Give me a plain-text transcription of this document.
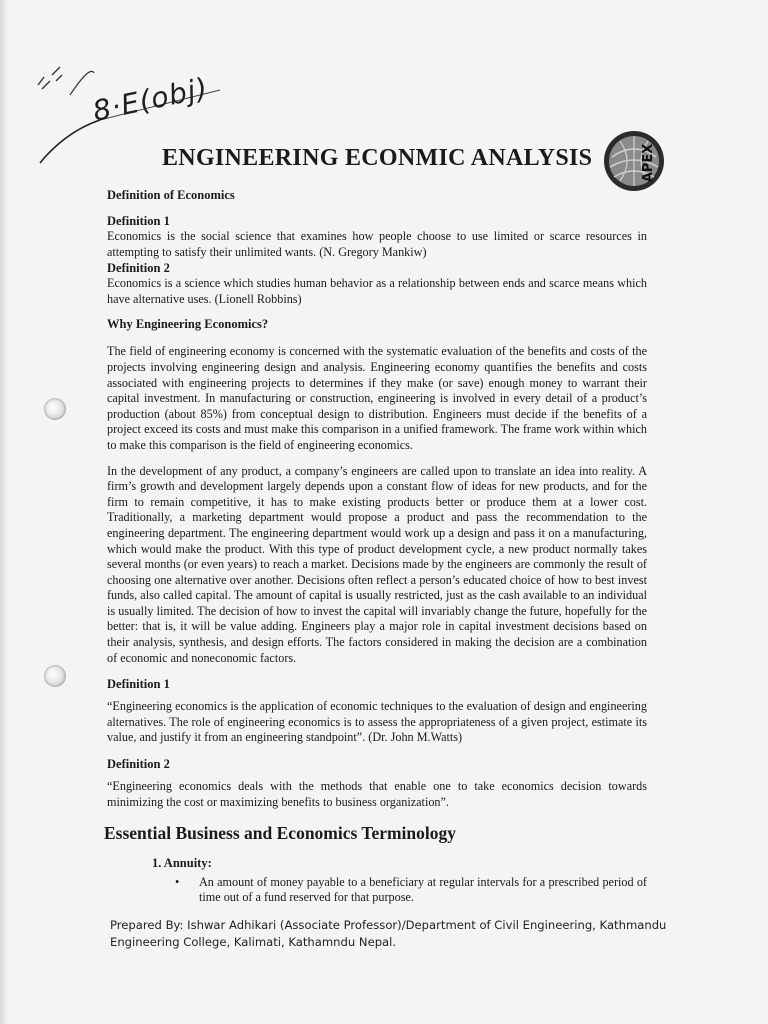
8·E(obj)
ENGINEERING ECONMIC ANALYSIS	APEX
Definition of Economics
Definition 1

Economics is the social science that examines how people choose to use limited or scarce resources in attempting to satisfy their unlimited wants. (N. Gregory Mankiw)

Definition 2

Economics is a science which studies human behavior as a relationship between ends and scarce means which have alternative uses. (Lionell Robbins)

Why Engineering Economics?

The field of engineering economy is concerned with the systematic evaluation of the benefits and costs of the projects involving engineering design and analysis. Engineering economy quantifies the benefits and costs associated with engineering projects to determines if they make (or save) enough money to warrant their capital investment. In manufacturing or construction, engineering is involved in every detail of a product’s production (about 85%) from conceptual design to distribution. Engineers must decide if the benefits of a project exceed its costs and must make this comparison in a unified framework. The frame work within which to make this comparison is the field of engineering economics.

In the development of any product, a company’s engineers are called upon to translate an idea into reality. A firm’s growth and development largely depends upon a constant flow of ideas for new products, and for the firm to remain competitive, it has to make existing products better or produce them at a lower cost. Traditionally, a marketing department would propose a product and pass the recommendation to the engineering department. The engineering department would work up a design and pass it on a manufacturing, which would make the product. With this type of product development cycle, a new product normally takes several months (or even years) to reach a market. Decisions made by the engineers are commonly the result of choosing one alternative over another. Decisions often reflect a person’s educated choice of how to best invest funds, also called capital. The amount of capital is usually restricted, just as the cash available to an individual is usually limited. The decision of how to invest the capital will invariably change the future, hopefully for the better: that is, it will be value adding. Engineers play a major role in capital investment decisions based on their analysis, synthesis, and design efforts. The factors considered in making the decision are a combination of economic and noneconomic factors.

Definition 1

“Engineering economics is the application of economic techniques to the evaluation of design and engineering alternatives. The role of engineering economics is to assess the appropriateness of a given project, estimate its value, and justify it from an engineering standpoint”. (Dr. John M.Watts)

Definition 2

“Engineering economics deals with the methods that enable one to take economics decision towards minimizing the cost or maximizing benefits to business organization”.

Essential Business and Economics Terminology
1. Annuity:
•	An amount of money payable to a beneficiary at regular intervals for a prescribed period of time out of a fund reserved for that purpose.

Prepared By: Ishwar Adhikari (Associate Professor)/Department of Civil Engineering, Kathmandu Engineering College, Kalimati, Kathamndu Nepal.
